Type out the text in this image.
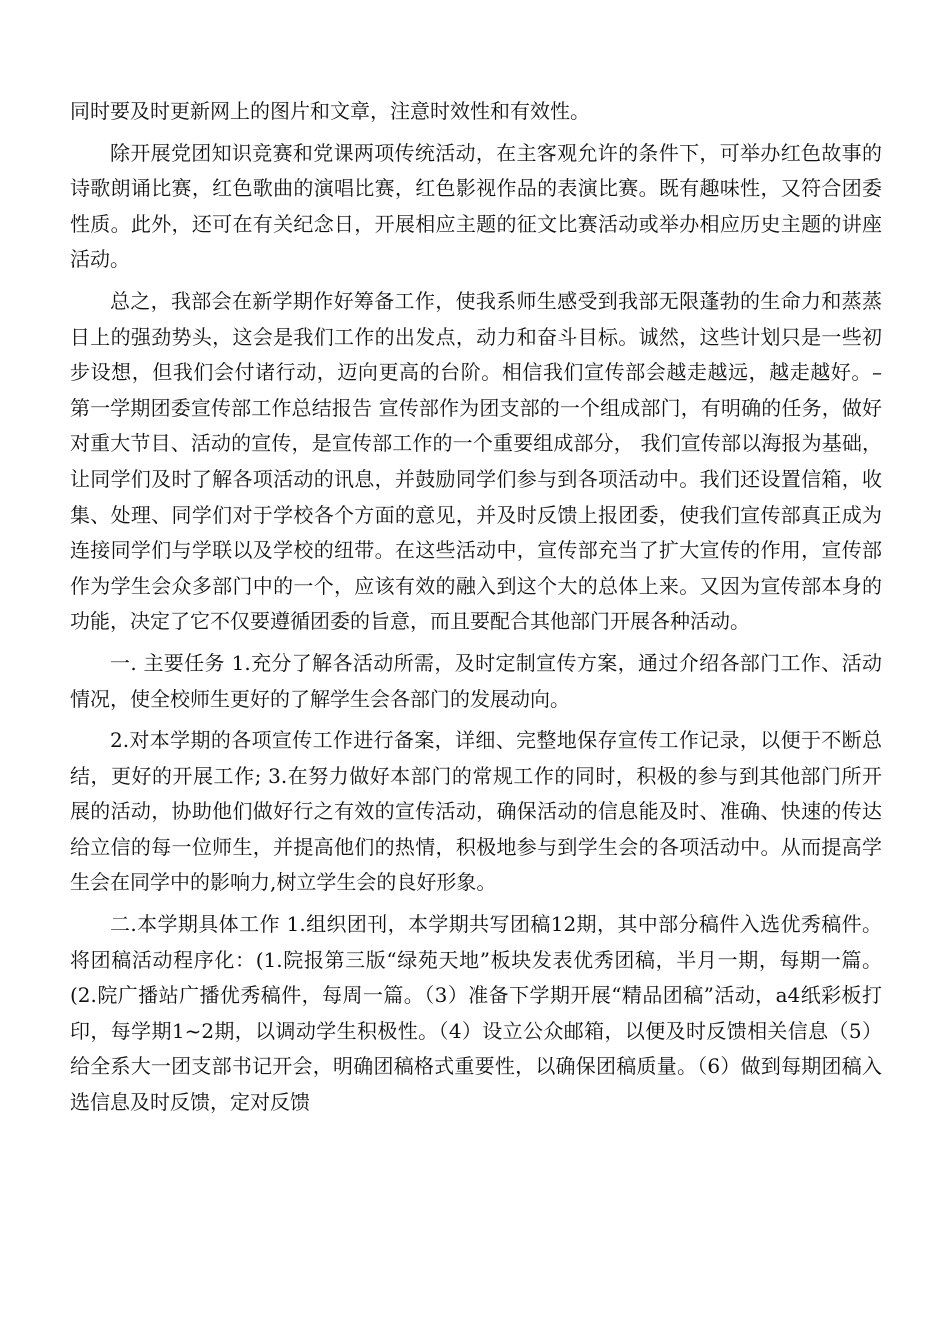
同时要及时更新网上的图片和文章，注意时效性和有效性。

除开展党团知识竞赛和党课两项传统活动，在主客观允许的条件下，可举办红色故事的诗歌朗诵比赛，红色歌曲的演唱比赛，红色影视作品的表演比赛。既有趣味性，又符合团委性质。此外，还可在有关纪念日，开展相应主题的征文比赛活动或举办相应历史主题的讲座活动。

总之，我部会在新学期作好筹备工作，使我系师生感受到我部无限蓬勃的生命力和蒸蒸日上的强劲势头，这会是我们工作的出发点，动力和奋斗目标。诚然，这些计划只是一些初步设想，但我们会付诸行动，迈向更高的台阶。相信我们宣传部会越走越远，越走越好。– 第一学期团委宣传部工作总结报告 宣传部作为团支部的一个组成部门，有明确的任务，做好对重大节目、活动的宣传，是宣传部工作的一个重要组成部分， 我们宣传部以海报为基础，让同学们及时了解各项活动的讯息，并鼓励同学们参与到各项活动中。我们还设置信箱，收集、处理、同学们对于学校各个方面的意见，并及时反馈上报团委，使我们宣传部真正成为连接同学们与学联以及学校的纽带。在这些活动中，宣传部充当了扩大宣传的作用，宣传部作为学生会众多部门中的一个，应该有效的融入到这个大的总体上来。又因为宣传部本身的功能，决定了它不仅要遵循团委的旨意，而且要配合其他部门开展各种活动。

一. 主要任务 1.充分了解各活动所需，及时定制宣传方案，通过介绍各部门工作、活动情况，使全校师生更好的了解学生会各部门的发展动向。

2.对本学期的各项宣传工作进行备案，详细、完整地保存宣传工作记录，以便于不断总结，更好的开展工作; 3.在努力做好本部门的常规工作的同时，积极的参与到其他部门所开展的活动，协助他们做好行之有效的宣传活动，确保活动的信息能及时、准确、快速的传达给立信的每一位师生，并提高他们的热情，积极地参与到学生会的各项活动中。从而提高学生会在同学中的影响力,树立学生会的良好形象。

二.本学期具体工作 1.组织团刊，本学期共写团稿12期，其中部分稿件入选优秀稿件。将团稿活动程序化：(1.院报第三版“绿苑天地”板块发表优秀团稿，半月一期，每期一篇。(2.院广播站广播优秀稿件，每周一篇。（3）准备下学期开展“精品团稿”活动，a4纸彩板打印，每学期1~2期，以调动学生积极性。（4）设立公众邮箱，以便及时反馈相关信息（5）给全系大一团支部书记开会，明确团稿格式重要性，以确保团稿质量。（6）做到每期团稿入选信息及时反馈，定对反馈
